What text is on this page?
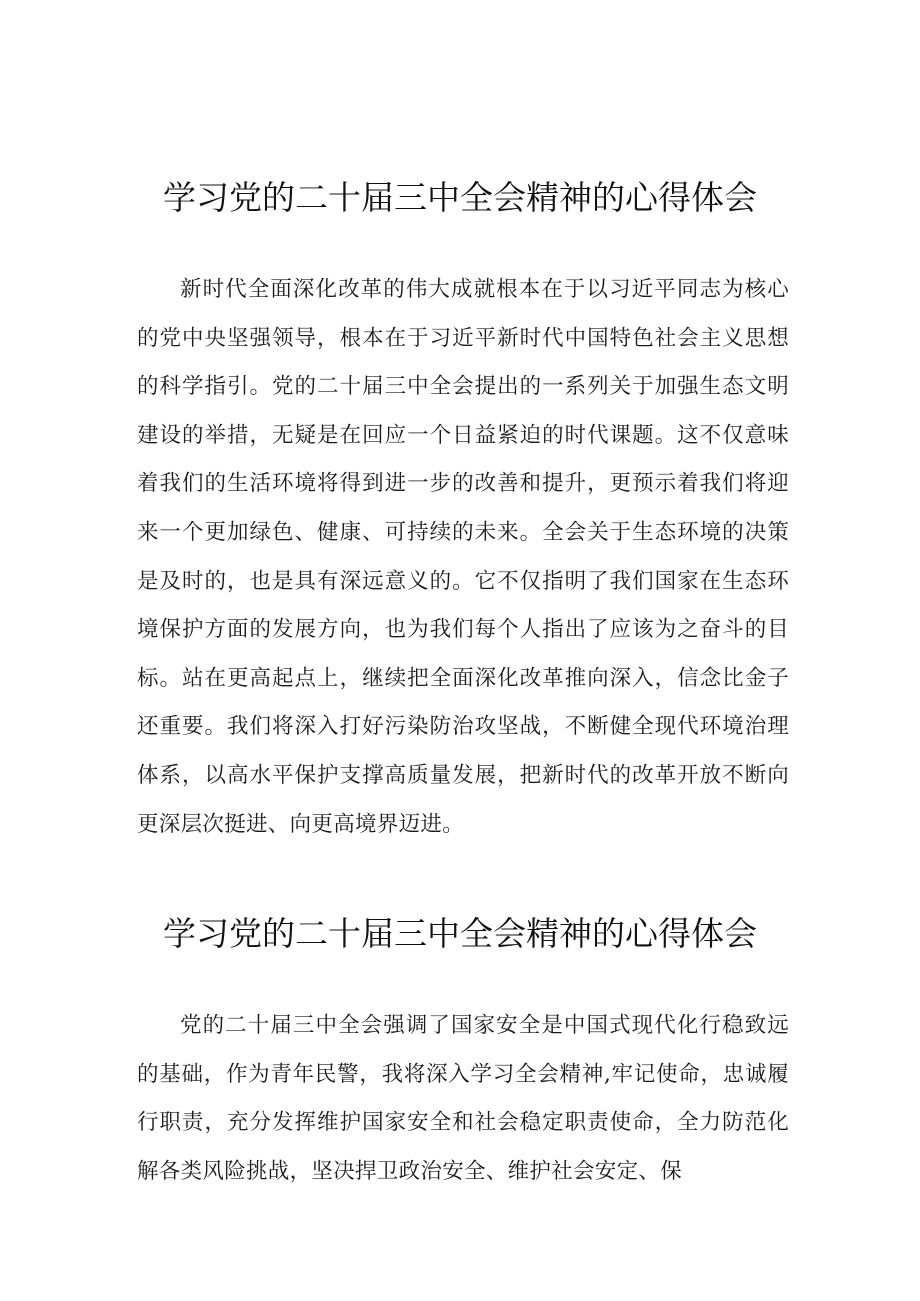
学习党的二十届三中全会精神的心得体会

新时代全面深化改革的伟大成就根本在于以习近平同志为核心的党中央坚强领导，根本在于习近平新时代中国特色社会主义思想的科学指引。党的二十届三中全会提出的一系列关于加强生态文明建设的举措，无疑是在回应一个日益紧迫的时代课题。这不仅意味着我们的生活环境将得到进一步的改善和提升，更预示着我们将迎来一个更加绿色、健康、可持续的未来。全会关于生态环境的决策是及时的，也是具有深远意义的。它不仅指明了我们国家在生态环境保护方面的发展方向，也为我们每个人指出了应该为之奋斗的目标。站在更高起点上，继续把全面深化改革推向深入，信念比金子还重要。我们将深入打好污染防治攻坚战，不断健全现代环境治理体系，以高水平保护支撑高质量发展，把新时代的改革开放不断向更深层次挺进、向更高境界迈进。

学习党的二十届三中全会精神的心得体会

党的二十届三中全会强调了国家安全是中国式现代化行稳致远的基础，作为青年民警，我将深入学习全会精神,牢记使命，忠诚履行职责，充分发挥维护国家安全和社会稳定职责使命，全力防范化解各类风险挑战，坚决捍卫政治安全、维护社会安定、保
